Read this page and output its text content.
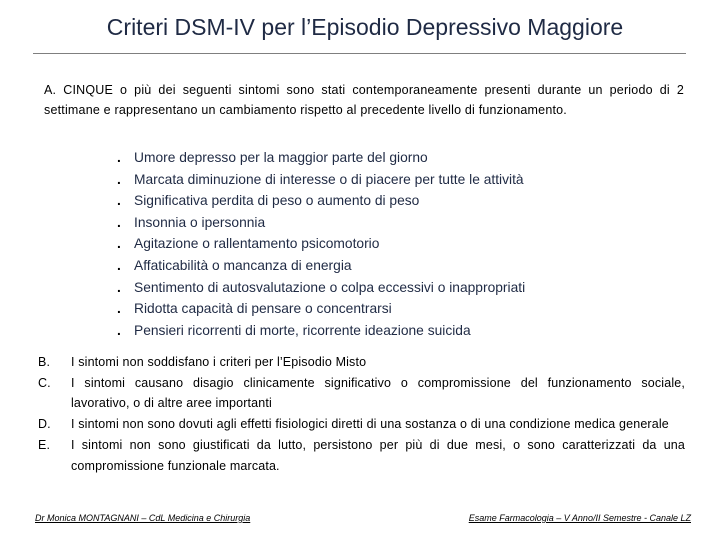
Criteri DSM-IV per l’Episodio Depressivo Maggiore
A. CINQUE o più dei seguenti sintomi sono stati contemporaneamente presenti durante un periodo di 2 settimane e rappresentano un cambiamento rispetto al precedente livello di funzionamento.
. Umore depresso per la maggior parte del giorno
. Marcata diminuzione di interesse o di piacere per tutte le attività
. Significativa perdita di peso o aumento di peso
. Insonnia o ipersonnia
. Agitazione o rallentamento psicomotorio
. Affaticabilità o mancanza di energia
. Sentimento di autosvalutazione o colpa eccessivi o inappropriati
. Ridotta capacità di pensare o concentrarsi
. Pensieri ricorrenti di morte, ricorrente ideazione suicida
B. I sintomi non soddisfano i criteri per l’Episodio Misto
C. I sintomi causano disagio clinicamente significativo o compromissione del funzionamento sociale, lavorativo, o di altre aree importanti
D. I sintomi non sono dovuti agli effetti fisiologici diretti di una sostanza o di una condizione medica generale
E. I sintomi non sono giustificati da lutto, persistono per più di due mesi, o sono caratterizzati da una compromissione funzionale marcata.
Dr Monica MONTAGNANI – CdL Medicina e Chirurgia	Esame Farmacologia – V Anno/II Semestre - Canale LZ
